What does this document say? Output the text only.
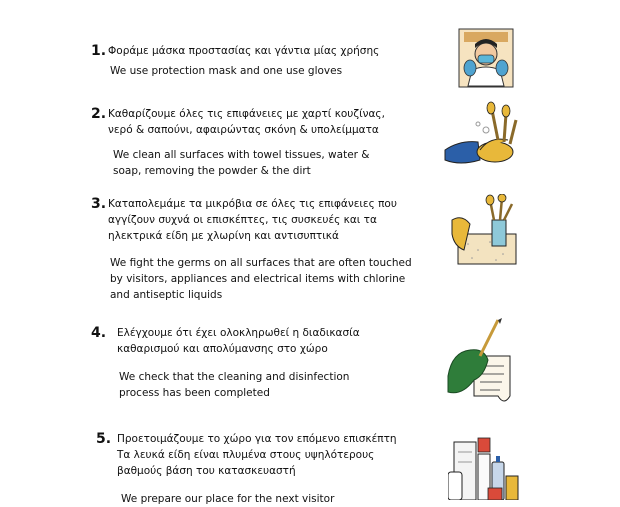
1. Φοράμε μάσκα προστασίας και γάντια μίας χρήσης
We use protection mask and one use gloves
2. Καθαρίζουμε όλες τις επιφάνειες με χαρτί κουζίνας,
νερό & σαπούνι, αφαιρώντας σκόνη & υπολείμματα
We clean all surfaces with towel tissues, water &
soap, removing the powder & the dirt
3. Καταπολεμάμε τα μικρόβια σε όλες τις επιφάνειες που
αγγίζουν συχνά οι επισκέπτες, τις συσκευές και τα
ηλεκτρικά είδη με χλωρίνη και αντισυπτικά
We fight the germs on all surfaces that are often touched
by visitors, appliances and electrical items with chlorine
and antiseptic liquids
4. Ελέγχουμε ότι έχει ολοκληρωθεί η διαδικασία
καθαρισμού και απολύμανσης στο χώρο
We check that the cleaning and disinfection
process has been completed
5. Προετοιμάζουμε το χώρο για τον επόμενο επισκέπτη
Τα λευκά είδη είναι πλυμένα στους υψηλότερους
βαθμούς βάση του κατασκευαστή
We prepare our place for the next visitor
